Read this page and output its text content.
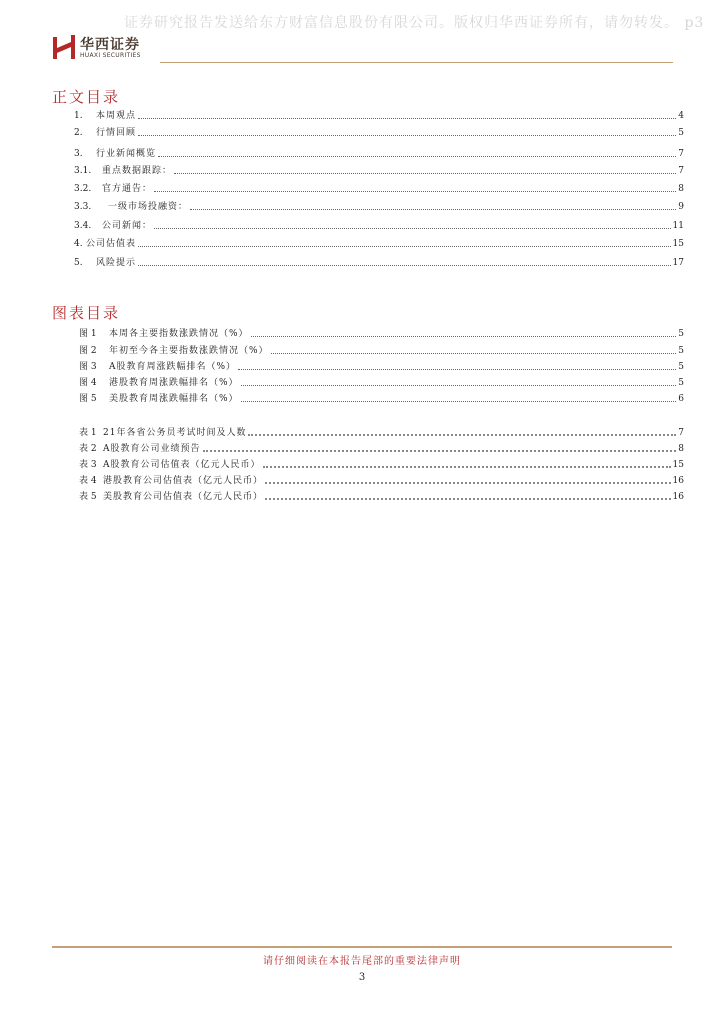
证券研究报告发送给东方财富信息股份有限公司。版权归华西证券所有，请勿转发。 p3
华西证券
HUAXI SECURITIES
正文目录
1.	本周观点	4
2.	行情回顾	5
3.	行业新闻概览	7
3.1.	重点数据跟踪：	7
3.2.	官方通告：	8
3.3.	一级市场投融资：	9
3.4.	公司新闻：	11
4. 公司估值表	15
5.	风险提示	17
图表目录
图 1	本周各主要指数涨跌情况（%）	5
图 2	年初至今各主要指数涨跌情况（%）	5
图 3	A股教育周涨跌幅排名（%）	5
图 4	港股教育周涨跌幅排名（%）	5
图 5	美股教育周涨跌幅排名（%）	6
表 1 21年各省公务员考试时间及人数	7
表 2 A股教育公司业绩预告	8
表 3 A股教育公司估值表（亿元人民币）	15
表 4 港股教育公司估值表（亿元人民币）	16
表 5 美股教育公司估值表（亿元人民币）	16
请仔细阅读在本报告尾部的重要法律声明
3
